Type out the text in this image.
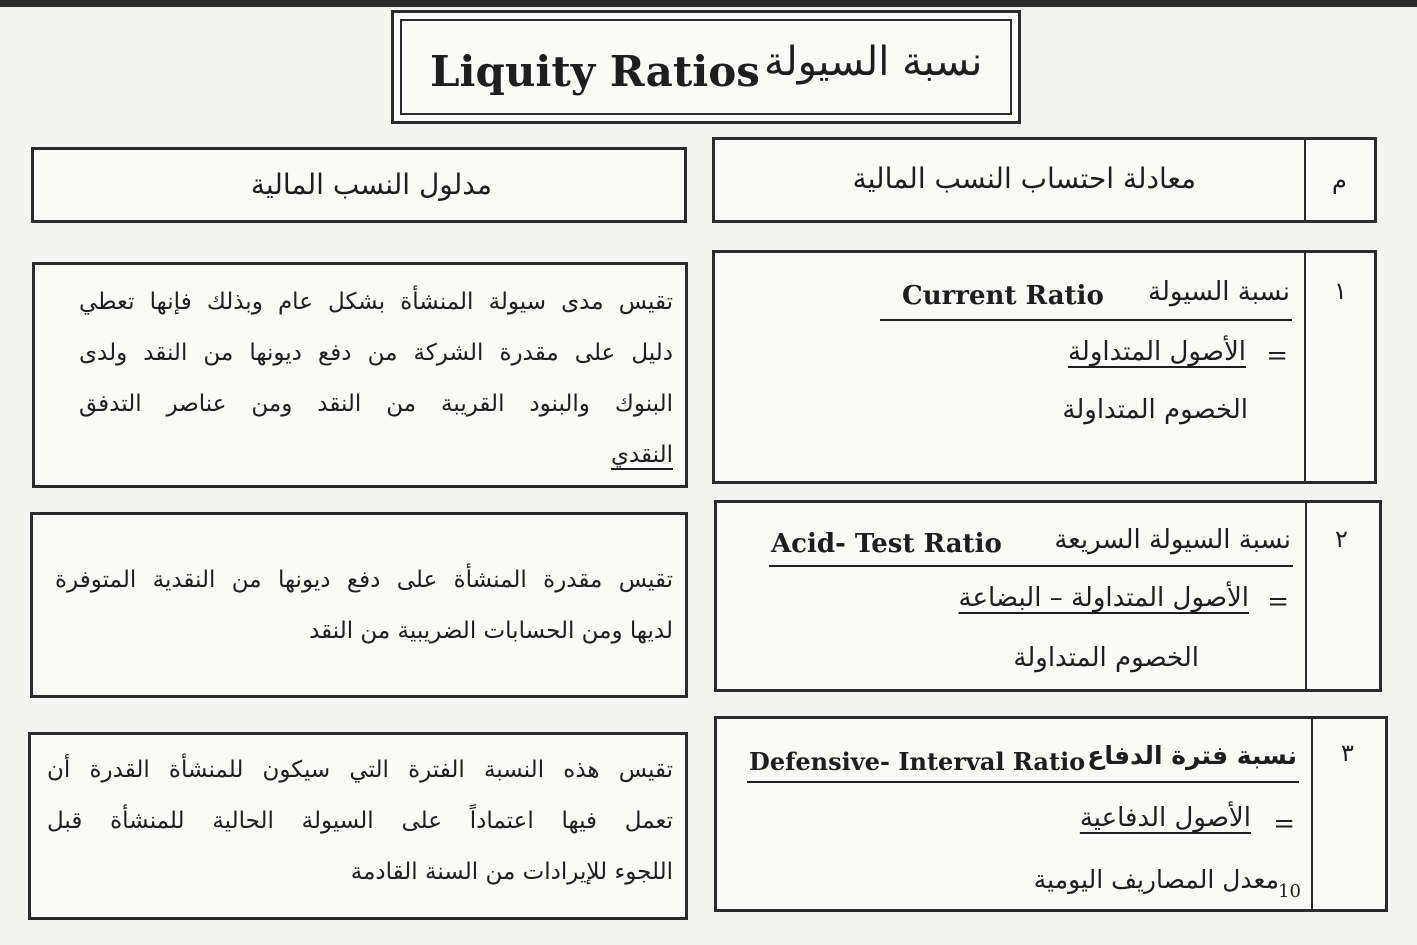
نسبة السيولة
Liquity Ratios
م
معادلة احتساب النسب المالية
مدلول النسب المالية
١
نسبة السيولة
Current Ratio
=
الأصول المتداولة
الخصوم المتداولة
تقيس مدى سيولة المنشأة بشكل عام وبذلك فإنها تعطي
دليل على مقدرة الشركة من دفع ديونها من النقد ولدى
البنوك والبنود القريبة من النقد ومن عناصر التدفق
النقدي
٢
نسبة السيولة السريعة
Acid- Test Ratio
=
الأصول المتداولة – البضاعة
الخصوم المتداولة
تقيس مقدرة المنشأة على دفع ديونها من النقدية المتوفرة
لديها ومن الحسابات الضريبية من النقد
٣
نسبة فترة الدفاع
Defensive- Interval Ratio
=
الأصول الدفاعية
معدل المصاريف اليومية 10
تقيس هذه النسبة الفترة التي سيكون للمنشأة القدرة أن
تعمل فيها اعتماداً على السيولة الحالية للمنشأة قبل
اللجوء للإيرادات من السنة القادمة
